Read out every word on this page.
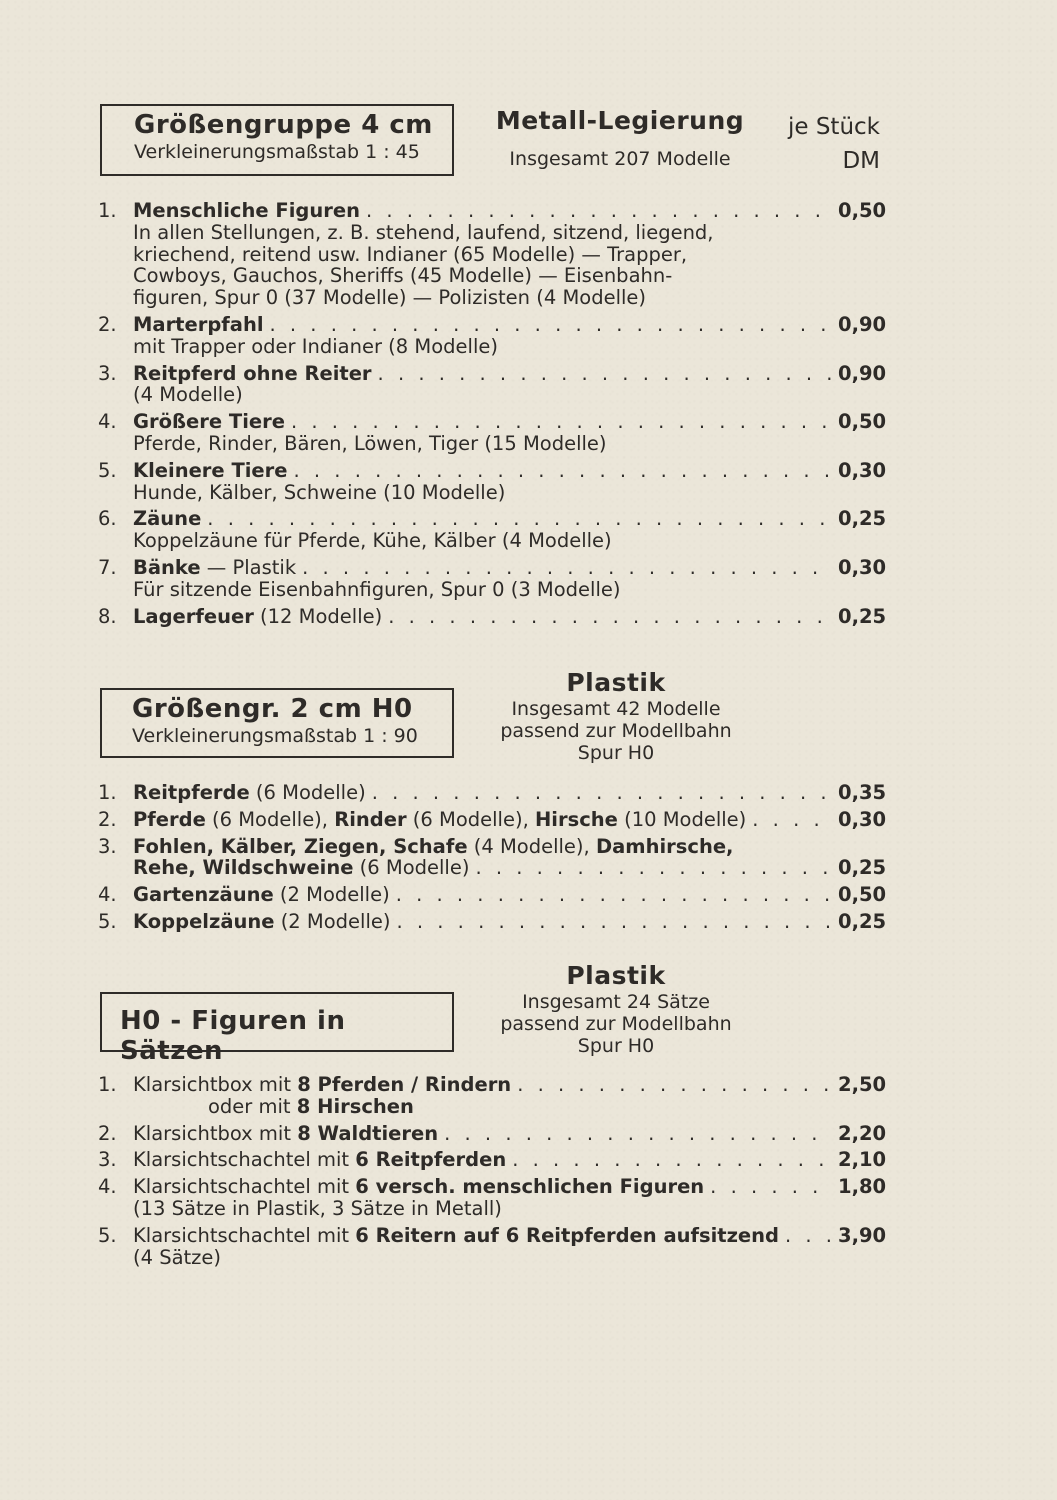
Größengruppe 4 cm
Verkleinerungsmaßstab 1 : 45
Metall-Legierung
Insgesamt 207 Modelle
je Stück
DM
1. Menschliche Figuren . . .	0,50
In allen Stellungen, z. B. stehend, laufend, sitzend, liegend,
kriechend, reitend usw. Indianer (65 Modelle) — Trapper,
Cowboys, Gauchos, Sheriffs (45 Modelle) — Eisenbahn-
figuren, Spur 0 (37 Modelle) — Polizisten (4 Modelle)
2. Marterpfahl . . .	0,90
mit Trapper oder Indianer (8 Modelle)
3. Reitpferd ohne Reiter . . .	0,90
(4 Modelle)
4. Größere Tiere . . .	0,50
Pferde, Rinder, Bären, Löwen, Tiger (15 Modelle)
5. Kleinere Tiere . . .	0,30
Hunde, Kälber, Schweine (10 Modelle)
6. Zäune . . .	0,25
Koppelzäune für Pferde, Kühe, Kälber (4 Modelle)
7. Bänke — Plastik . . .	0,30
Für sitzende Eisenbahnfiguren, Spur 0 (3 Modelle)
8. Lagerfeuer (12 Modelle) . . .	0,25
Größengr. 2 cm H0
Verkleinerungsmaßstab 1 : 90
Plastik
Insgesamt 42 Modelle
passend zur Modellbahn
Spur H0
1. Reitpferde (6 Modelle) . . .	0,35
2. Pferde (6 Modelle), Rinder (6 Modelle), Hirsche (10 Modelle) . . .	0,30
3. Fohlen, Kälber, Ziegen, Schafe (4 Modelle), Damhirsche,
Rehe, Wildschweine (6 Modelle) . . .	0,25
4. Gartenzäune (2 Modelle) . . .	0,50
5. Koppelzäune (2 Modelle) . . .	0,25
H0 - Figuren in Sätzen
Plastik
Insgesamt 24 Sätze
passend zur Modellbahn
Spur H0
1. Klarsichtbox mit 8 Pferden / Rindern . . .	2,50
oder mit 8 Hirschen
2. Klarsichtbox mit 8 Waldtieren . . .	2,20
3. Klarsichtschachtel mit 6 Reitpferden . . .	2,10
4. Klarsichtschachtel mit 6 versch. menschlichen Figuren . . .	1,80
(13 Sätze in Plastik, 3 Sätze in Metall)
5. Klarsichtschachtel mit 6 Reitern auf 6 Reitpferden aufsitzend . . .	3,90
(4 Sätze)
